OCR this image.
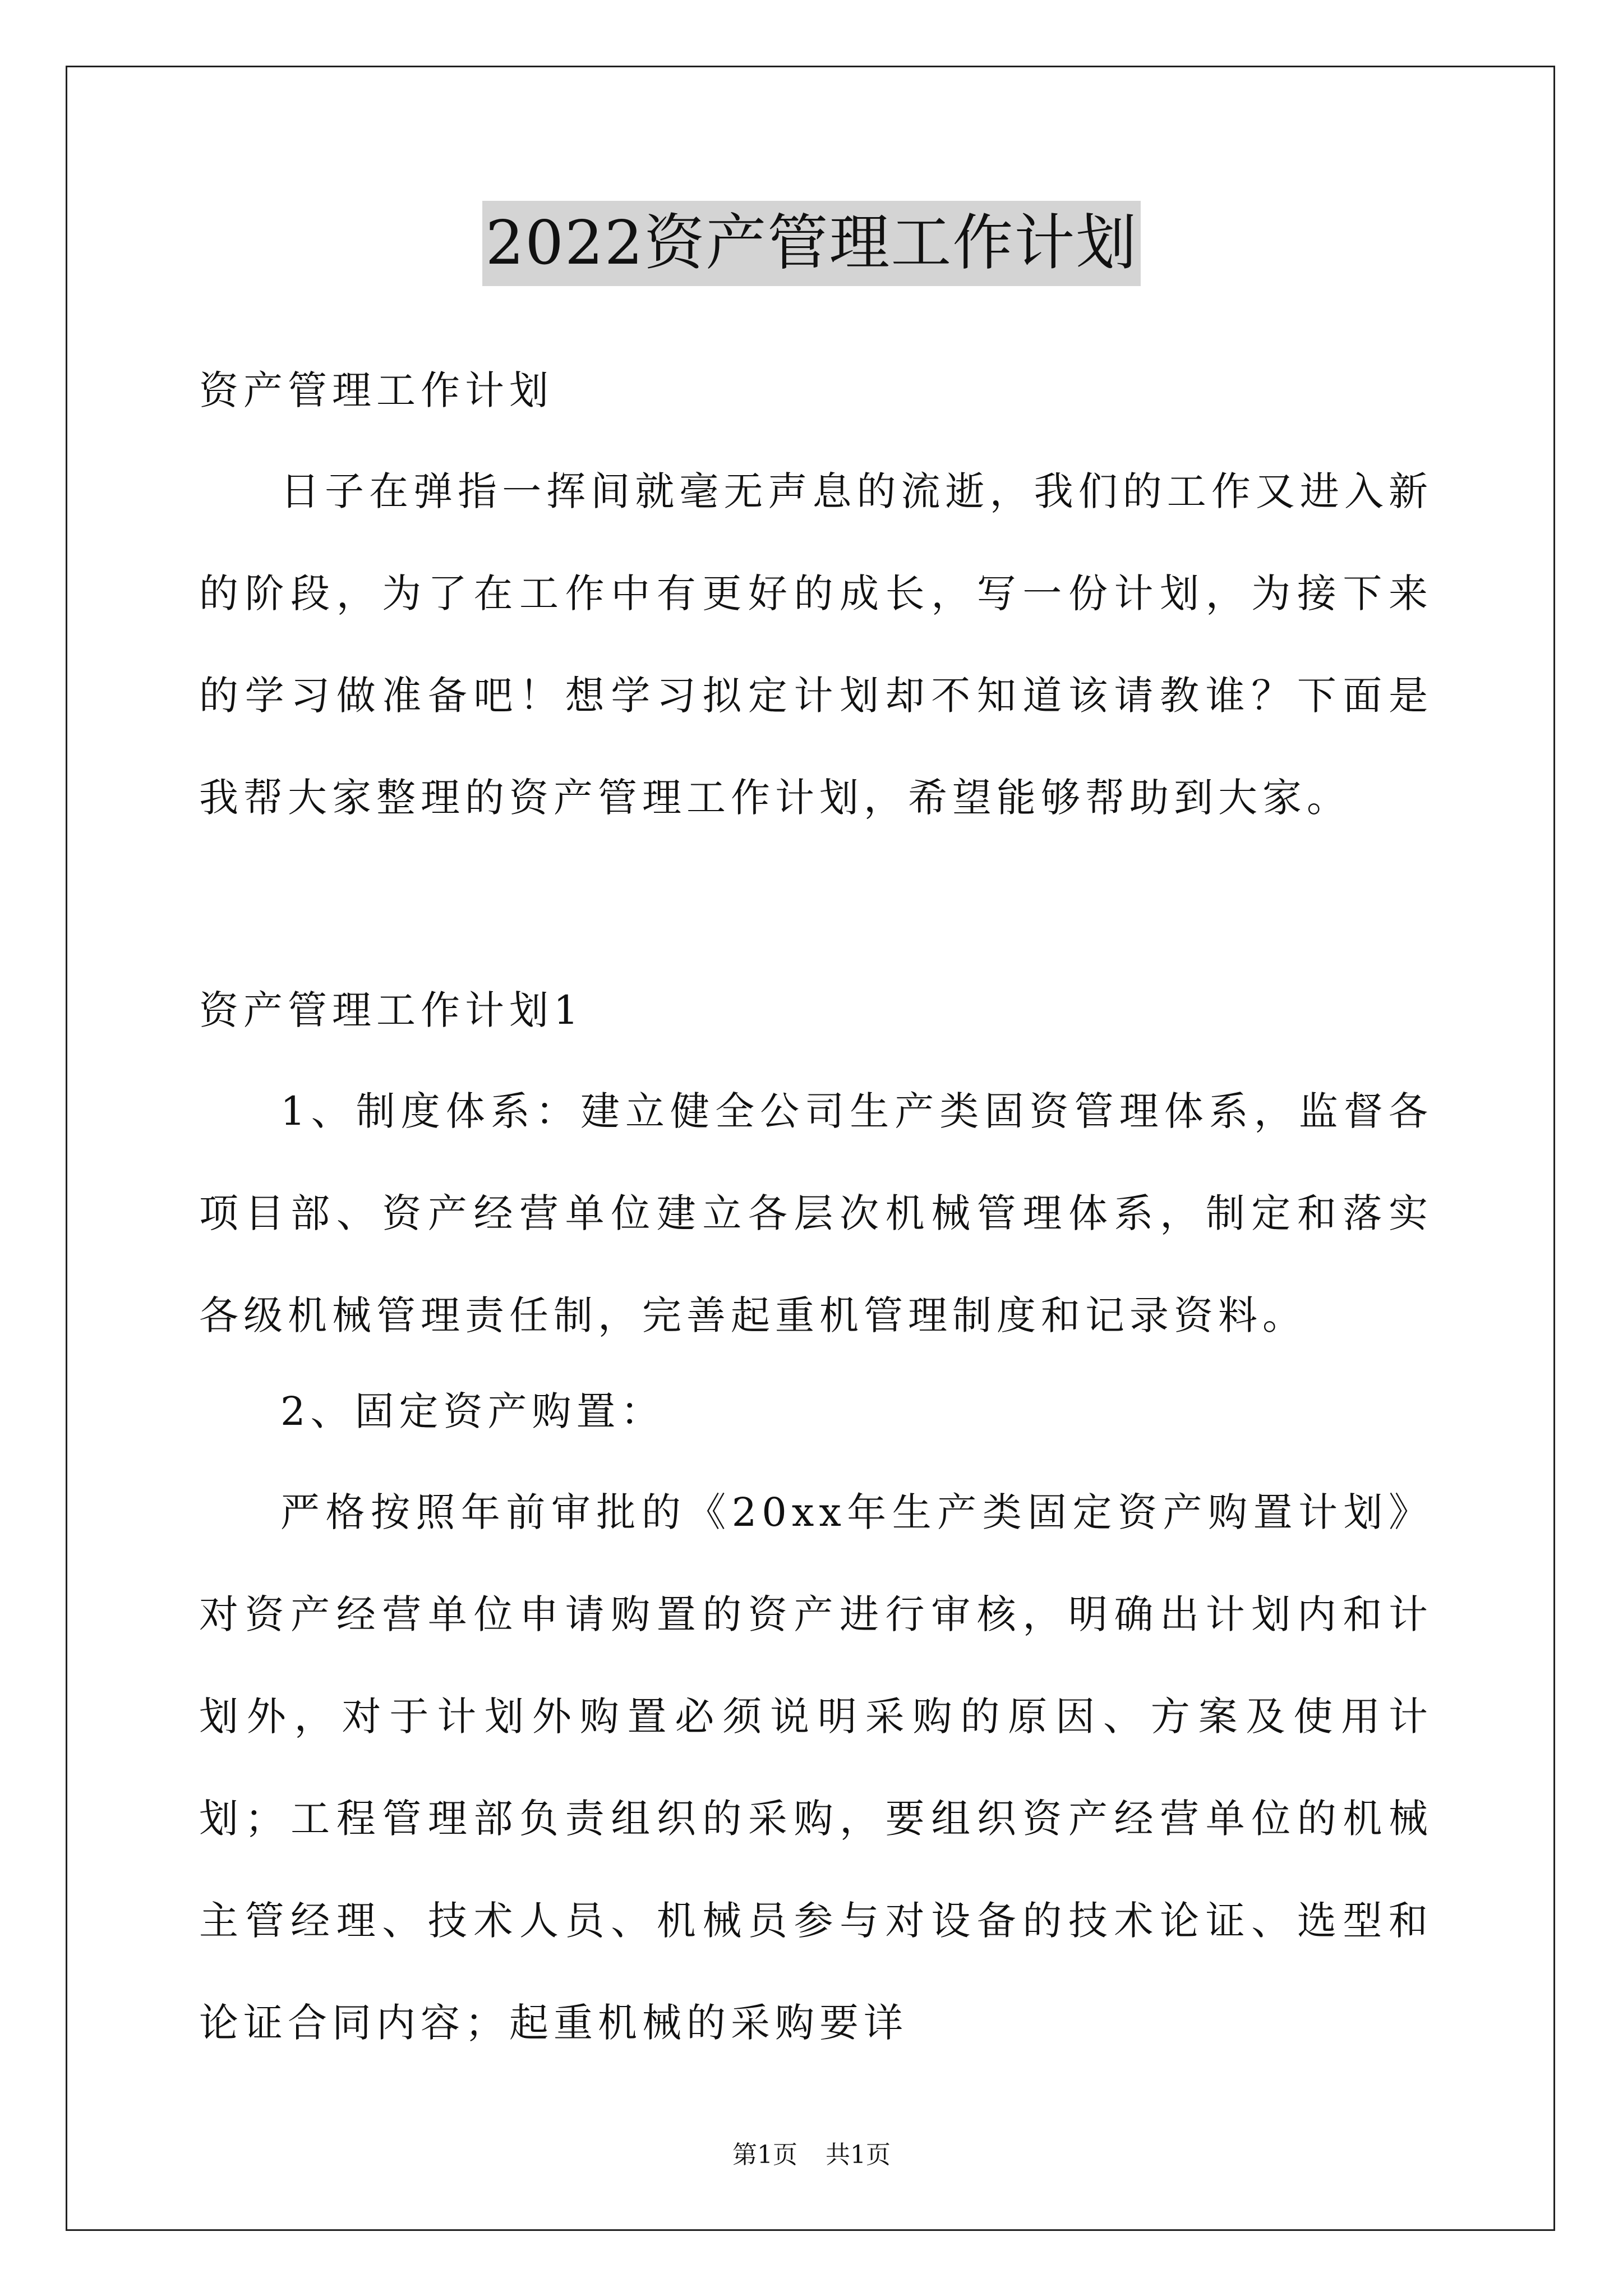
2022资产管理工作计划

资产管理工作计划

日子在弹指一挥间就毫无声息的流逝，我们的工作又进入新的阶段，为了在工作中有更好的成长，写一份计划，为接下来的学习做准备吧！想学习拟定计划却不知道该请教谁？下面是我帮大家整理的资产管理工作计划，希望能够帮助到大家。

资产管理工作计划1

1、制度体系：建立健全公司生产类固资管理体系，监督各项目部、资产经营单位建立各层次机械管理体系，制定和落实各级机械管理责任制，完善起重机管理制度和记录资料。

2、固定资产购置：

严格按照年前审批的《20xx年生产类固定资产购置计划》对资产经营单位申请购置的资产进行审核，明确出计划内和计划外，对于计划外购置必须说明采购的原因、方案及使用计划；工程管理部负责组织的采购，要组织资产经营单位的机械主管经理、技术人员、机械员参与对设备的技术论证、选型和论证合同内容；起重机械的采购要详

第1页 共1页
